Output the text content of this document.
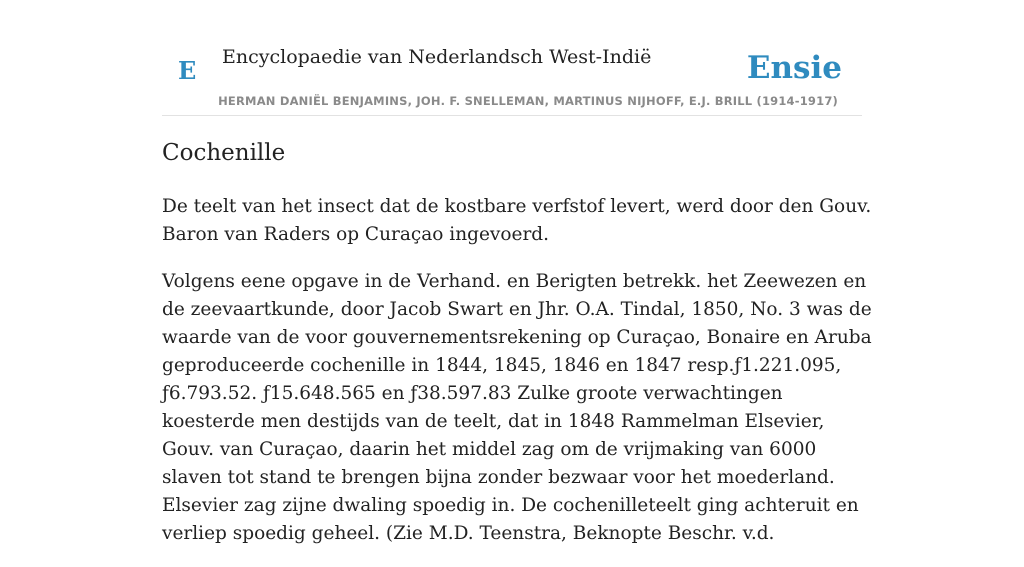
E Encyclopaedie van Nederlandsch West-Indië	Ensie
HERMAN DANIËL BENJAMINS, JOH. F. SNELLEMAN, MARTINUS NIJHOFF, E.J. BRILL (1914-1917)
Cochenille

De teelt van het insect dat de kostbare verfstof levert, werd door den Gouv. Baron van Raders op Curaçao ingevoerd.

Volgens eene opgave in de Verhand. en Berigten betrekk. het Zeewezen en de zeevaartkunde, door Jacob Swart en Jhr. O.A. Tindal, 1850, No. 3 was de waarde van de voor gouvernementsrekening op Curaçao, Bonaire en Aruba geproduceerde cochenille in 1844, 1845, 1846 en 1847 resp.ƒ1.221.095, ƒ6.793.52. ƒ15.648.565 en ƒ38.597.83 Zulke groote verwachtingen koesterde men destijds van de teelt, dat in 1848 Rammelman Elsevier, Gouv. van Curaçao, daarin het middel zag om de vrijmaking van 6000 slaven tot stand te brengen bijna zonder bezwaar voor het moederland. Elsevier zag zijne dwaling spoedig in. De cochenilleteelt ging achteruit en verliep spoedig geheel. (Zie M.D. Teenstra, Beknopte Beschr. v.d.
